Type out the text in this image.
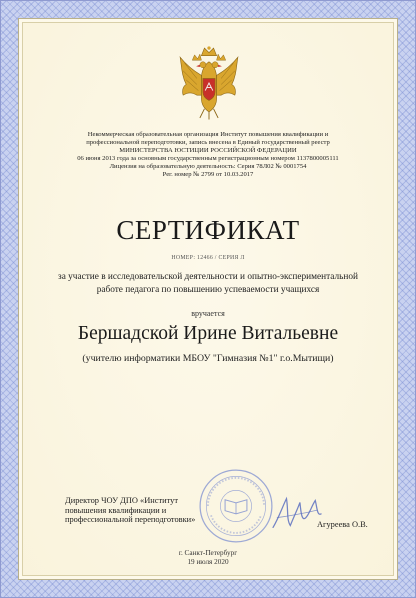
Некоммерческая образовательная организация Институт повышения квалификации и
профессиональной переподготовки, запись внесена в Единый государственный реестр
МИНИСТЕРСТВА ЮСТИЦИИ РОССИЙСКОЙ ФЕДЕРАЦИИ
06 июня 2013 года за основным государственным регистрационным номером 1137800005111
Лицензия на образовательную деятельность: Серия 78Л02 № 0001754
Рег. номер № 2799 от 10.03.2017
СЕРТИФИКАТ
НОМЕР: 12466 / СЕРИЯ Л
за участие в исследовательской деятельности и опытно-экспериментальной
работе педагога по повышению успеваемости учащихся
вручается
Бершадской Ирине Витальевне
(учителю информатики МБОУ "Гимназия №1" г.о.Мытищи)
Директор ЧОУ ДПО «Институт
повышения квалификации и
профессиональной переподготовки»
Агуреева О.В.
г. Санкт-Петербург
19 июля 2020
